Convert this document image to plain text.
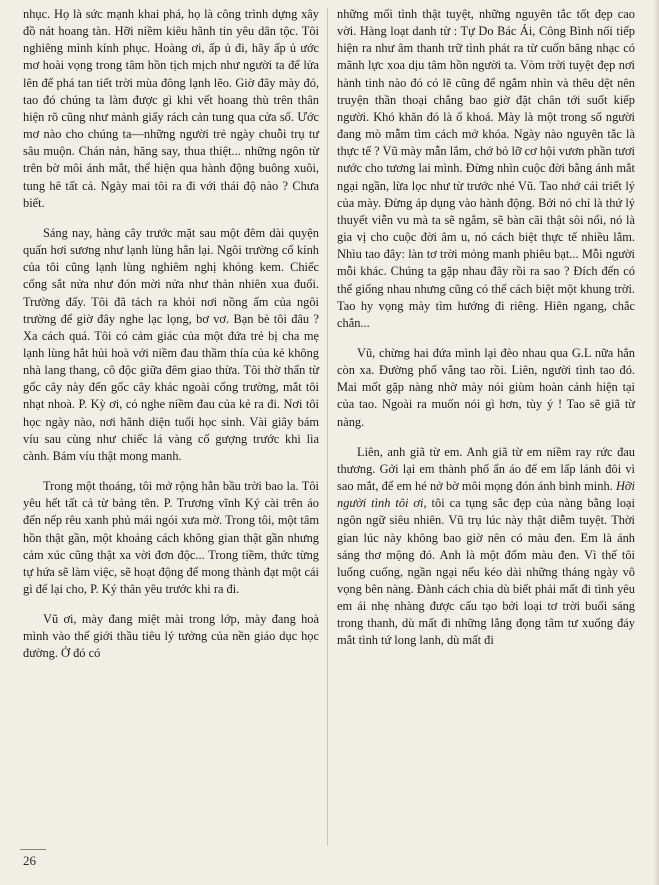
nhục. Họ là sức mạnh khai phá, họ là công trình dựng xây đồ nát hoang tàn. Hỡi niềm kiêu hãnh tin yêu dân tộc. Tôi nghiêng mình kính phục. Hoàng ơi, ấp ủ đi, hãy ấp ủ ước mơ hoài vọng trong tâm hồn tịch mịch như người ta để lửa lên để phá tan tiết trời mùa đông lạnh lẽo. Giờ đây mày đó, tao đó chúng ta làm được gì khi vết hoang thù trên thân hiện rõ cũng như mảnh giấy rách cản tung qua cửa sổ. Ước mơ nào cho chúng ta—những người trẻ ngày chuỗi trụ tư sâu muộn. Chán nản, hăng say, thua thiệt... những ngôn từ trên bờ môi ánh mắt, thể hiện qua hành động buông xuôi, tung hê tất cả. Ngày mai tôi ra đi với thái độ nào ? Chưa biết.

Sáng nay, hàng cây trước mặt sau một đêm dài quyện quấn hơi sương như lạnh lùng hẳn lại. Ngôi trường cổ kính của tôi cũng lạnh lùng nghiêm nghị khóng kem. Chiếc cổng sắt nửa như đón mời nửa như thản nhiên xua đuổi. Trường đấy. Tôi đã tách ra khỏi nơi nồng ấm của ngôi trường để giờ đây nghe lạc lọng, bơ vơ. Bạn bè tôi đâu ? Xa cách quá. Tôi có cảm giác của một đứa trẻ bị cha mẹ lạnh lùng hắt hủi hoà với niềm đau thầm thía của kẻ không nhà lang thang, cô độc giữa đêm giao thừa. Tôi thờ thẩn từ gốc cây này đến gốc cây khác ngoài cổng trường, mắt tôi nhạt nhoà. P. Kỳ ơi, có nghe niềm đau của kẻ ra đi. Nơi tôi học ngày nào, nơi hãnh diện tuổi học sinh. Vài giây bám víu sau cùng như chiếc lá vàng cố gượng trước khi lìa cành. Bám víu thật mong manh.

Trong một thoáng, tôi mở rộng hẳn bầu trời bao la. Tôi yêu hết tất cả từ bảng tên. P. Trương vĩnh Ký cài trên áo đến nếp rêu xanh phủ mái ngói xưa mờ. Trong tôi, một tâm hồn thật gần, một khoảng cách không gian thật gần nhưng cảm xúc cũng thật xa vời đơn độc... Trong tiềm, thức từng tự hứa sẽ làm việc, sẽ hoạt động để mong thành đạt một cái gì để lại cho, P. Ký thân yêu trước khi ra đi.

Vũ ơi, mày đang miệt mài trong lớp, mày đang hoà mình vào thế giới thầu tiêu lý tưởng của nền giáo dục học đường. Ở đó có

những mối tình thật tuyệt, những nguyên tắc tốt đẹp cao vời. Hàng loạt danh từ : Tự Do Bác Ái, Công Bình nối tiếp hiện ra như âm thanh trữ tình phát ra từ cuốn băng nhạc có mãnh lực xoa dịu tâm hồn người ta. Vòm trời tuyệt đẹp nơi hành tinh nào đó có lẽ cũng để ngắm nhìn và thêu dệt nên truyện thần thoại chẳng bao giờ đặt chân tới suốt kiếp người. Khó khăn đó là ổ khoá. Mày là một trong số người đang mò mẫm tìm cách mở khóa. Ngày nào nguyên tắc là thực tế ? Vũ mày mẫn lắm, chớ bỏ lỡ cơ hội vươn phần tươi nước cho tương lai mình. Đừng nhìn cuộc đời bằng ánh mắt ngại ngần, lừa lọc như từ trước nhé Vũ. Tao nhớ cái triết lý của mày. Đừng áp dụng vào hành động. Bởi nó chỉ là thứ lý thuyết viễn vu mà ta sẽ ngắm, sẽ bàn cãi thật sôi nổi, nó là gia vị cho cuộc đời âm u, nó cách biệt thực tế nhiều lắm. Nhìu tao đây: làn tơ trời mỏng manh phiêu bạt... Mỗi người mỗi khác. Chúng ta gặp nhau đây rồi ra sao ? Đích đến có thể giống nhau nhưng cũng có thể cách biệt một khung trời. Tao hy vọng mày tìm hướng đi riêng. Hiên ngang, chắc chắn...

Vũ, chừng hai đứa mình lại đèo nhau qua G.L nữa hẳn còn xa. Đường phố vắng tao rồi. Liên, người tình tao đó. Mai mốt gặp nàng nhờ mày nói giùm hoàn cảnh hiện tại của tao. Ngoài ra muốn nói gì hơn, tùy ý ! Tao sẽ giã từ nàng.

Liên, anh giã từ em. Anh giã từ em niềm ray rức đau thương. Gởi lại em thành phố ẩn áo để em lấp lánh đôi vì sao mắt, để em hé nở bờ môi mọng đón ánh bình minh. Hỡi người tình tôi ơi, tôi ca tụng sắc đẹp của nàng bằng loại ngôn ngữ siêu nhiên. Vũ trụ lúc này thật diễm tuyệt. Thời gian lúc này không bao giờ nên có màu đen. Em là ánh sáng thơ mộng đó. Anh là một đốm màu đen. Vì thế tôi luống cuống, ngần ngại nếu kéo dài những tháng ngày vô vọng bên nàng. Đành cách chia dù biết phải mất đi tình yêu em ái nhẹ nhàng được cấu tạo bởi loại tơ trời buổi sáng trong thanh, dù mất đi những lắng đọng tâm tư xuống đáy mắt tình tứ long lanh, dù mất đi

26
